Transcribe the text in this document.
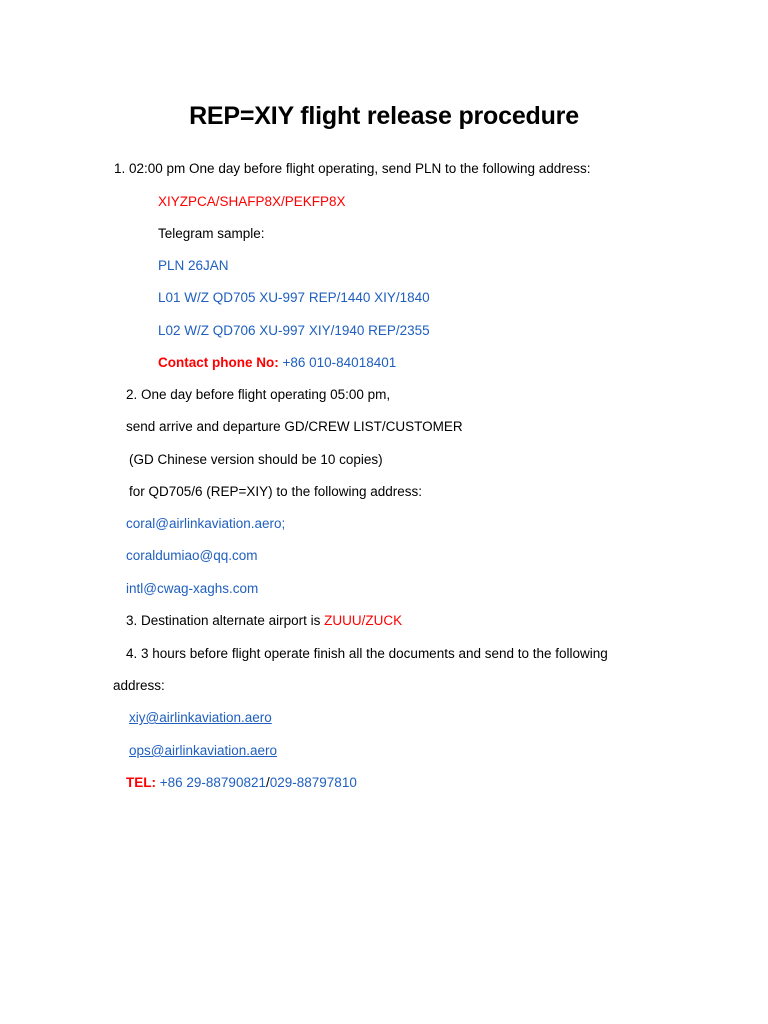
REP=XIY flight release procedure
1. 02:00 pm One day before flight operating, send PLN to the following address:
XIYZPCA/SHAFP8X/PEKFP8X
Telegram sample:
PLN 26JAN
L01 W/Z QD705 XU-997 REP/1440 XIY/1840
L02 W/Z QD706 XU-997 XIY/1940 REP/2355
Contact phone No: +86 010-84018401
2. One day before flight operating 05:00 pm,
send arrive and departure GD/CREW LIST/CUSTOMER
(GD Chinese version should be 10 copies)
for QD705/6 (REP=XIY) to the following address:
coral@airlinkaviation.aero;
coraldumiao@qq.com
intl@cwag-xaghs.com
3. Destination alternate airport is ZUUU/ZUCK
4. 3 hours before flight operate finish all the documents and send to the following
address:
xiy@airlinkaviation.aero
ops@airlinkaviation.aero
TEL: +86 29-88790821/029-88797810
